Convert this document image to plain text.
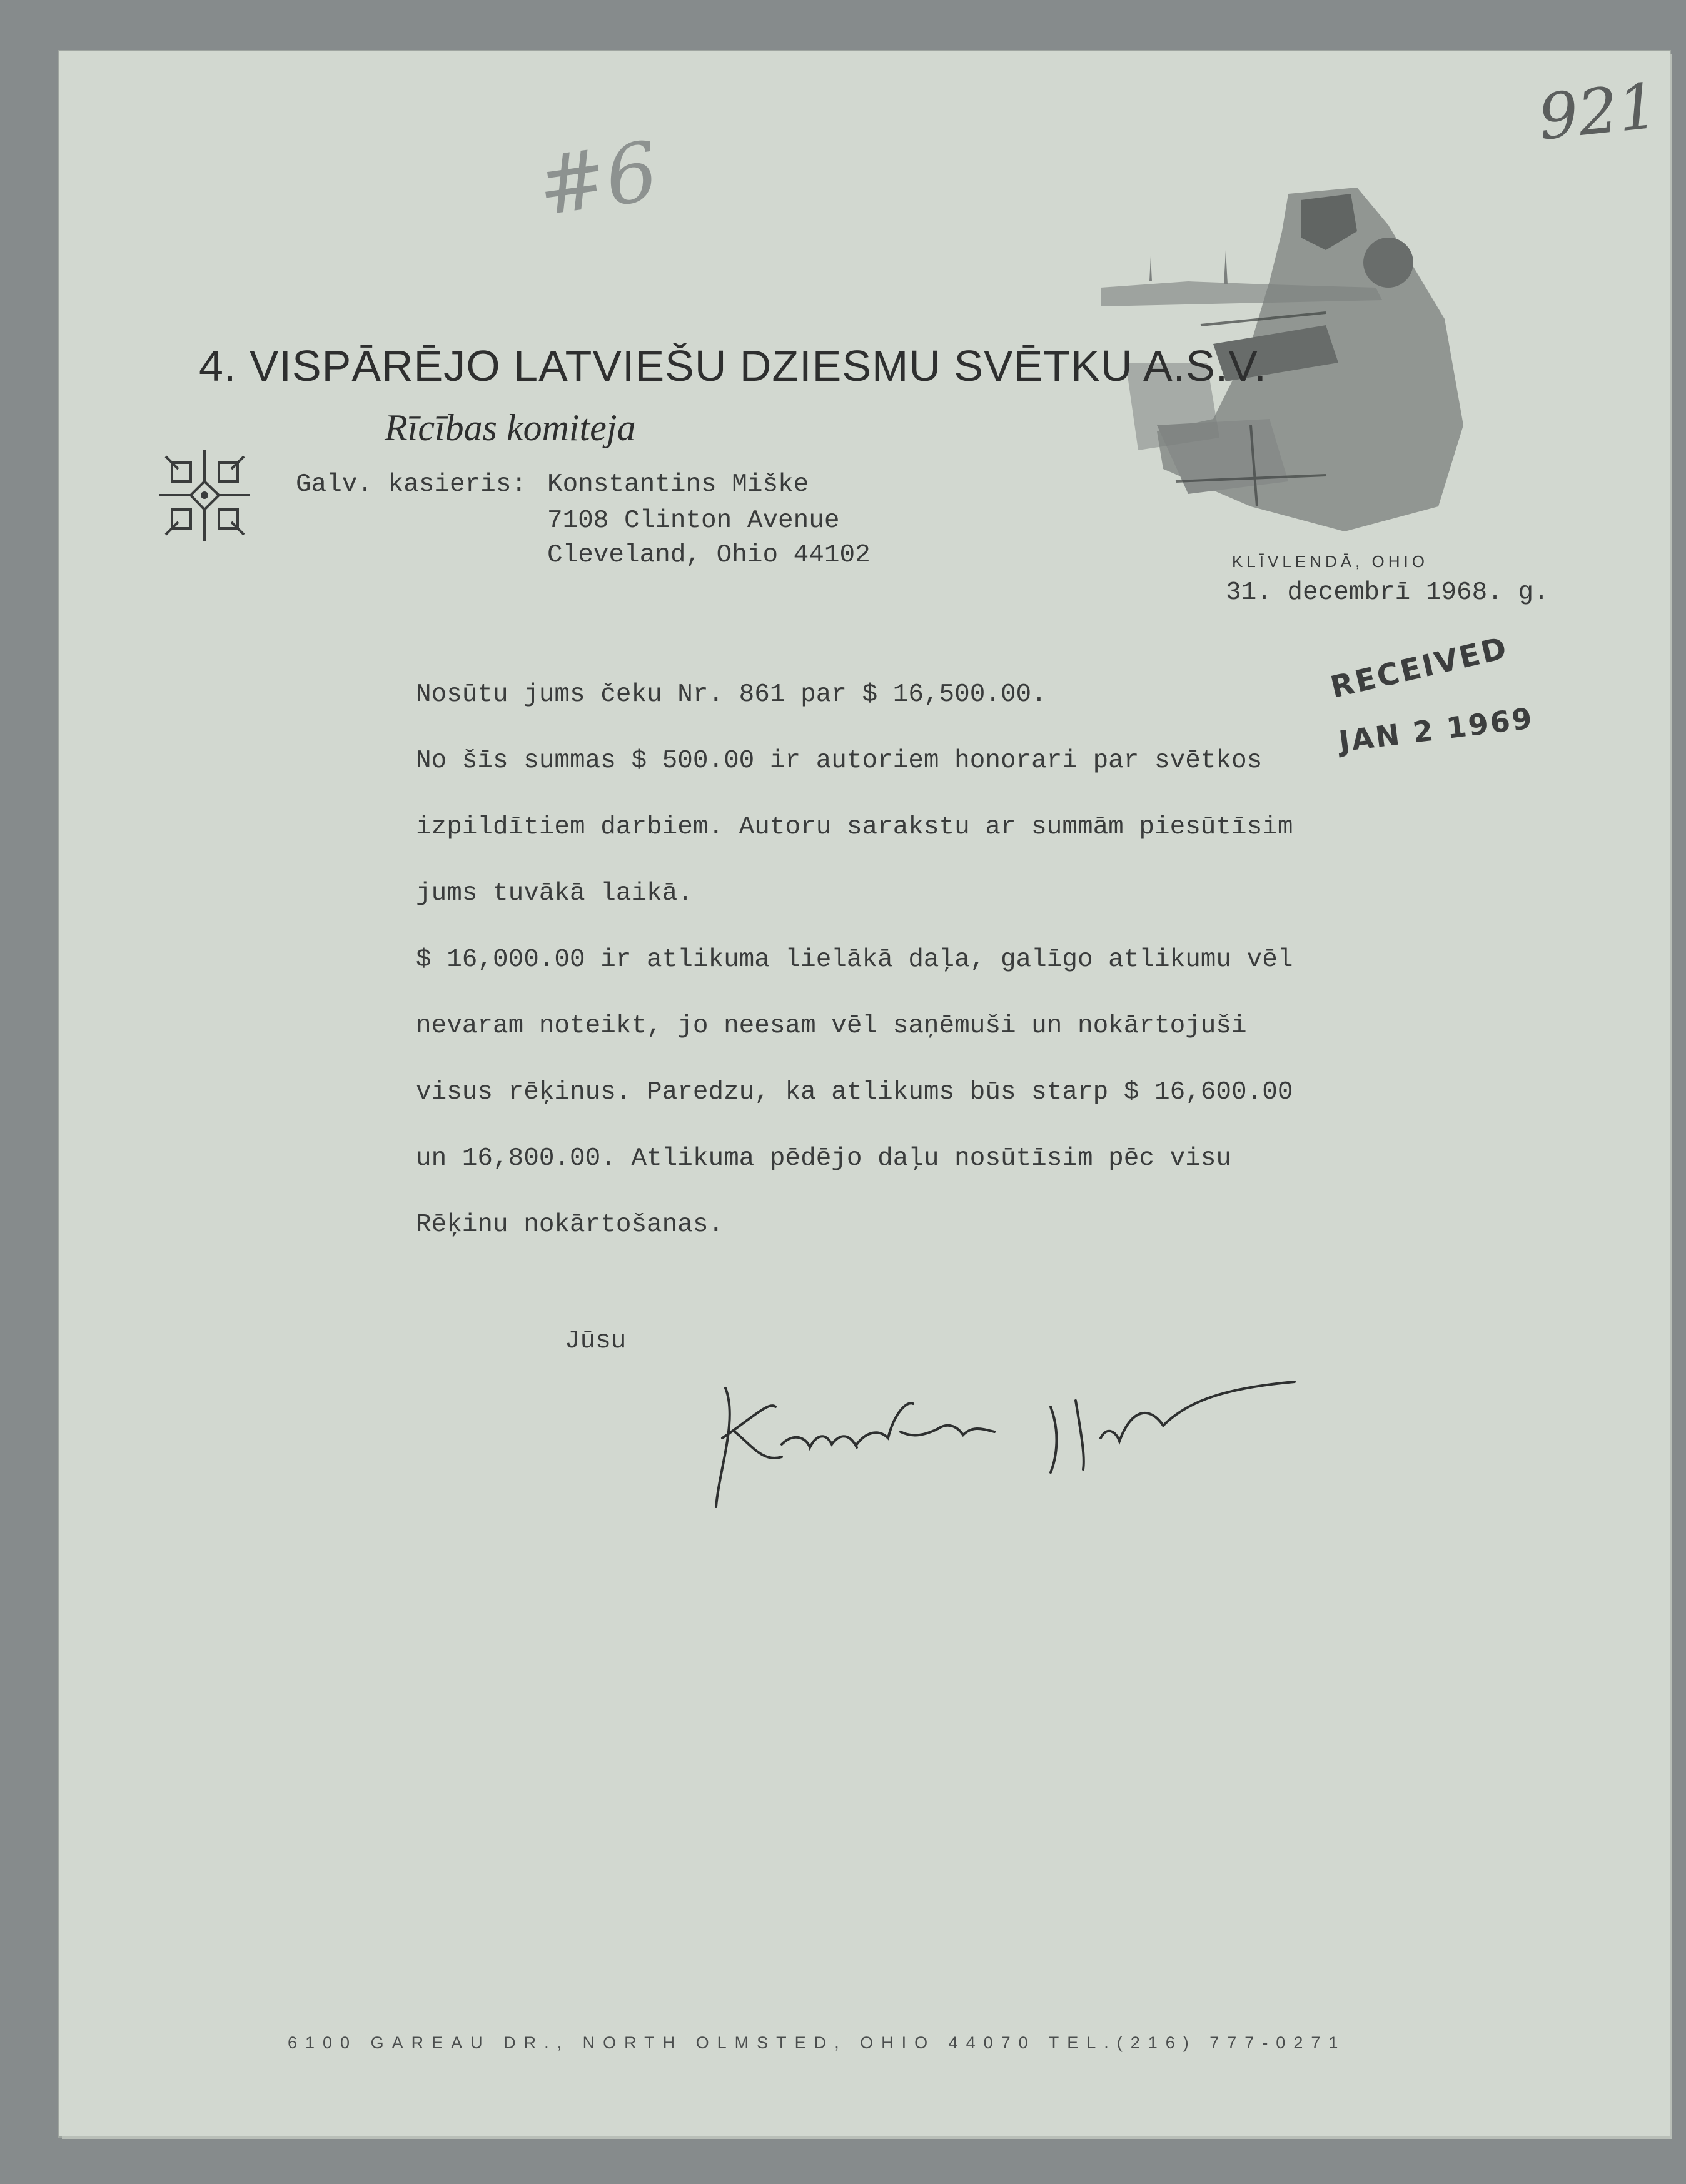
#6

921

4. VISPĀRĒJO LATVIEŠU DZIESMU SVĒTKU A.S.V.

Rīcības komiteja

Galv. kasieris: Konstantins Miške

7108 Clinton Avenue

Cleveland, Ohio 44102	KLĪVLENDĀ, OHIO

31. decembrī 1968. g.

RECEIVED

JAN 2 1969

Nosūtu jums čeku Nr. 861 par $ 16,500.00.
No šīs summas $ 500.00 ir autoriem honorari par svētkos
izpildītiem darbiem. Autoru sarakstu ar summām piesūtīsim
jums tuvākā laikā.
$ 16,000.00 ir atlikuma lielākā daļa, galīgo atlikumu vēl
nevaram noteikt, jo neesam vēl saņēmuši un nokārtojuši
visus rēķinus. Paredzu, ka atlikums būs starp $ 16,600.00
un 16,800.00. Atlikuma pēdējo daļu nosūtīsim pēc visu
Rēķinu nokārtošanas.

Jūsu

6100 GAREAU DR., NORTH OLMSTED, OHIO 44070 TEL.(216) 777-0271
